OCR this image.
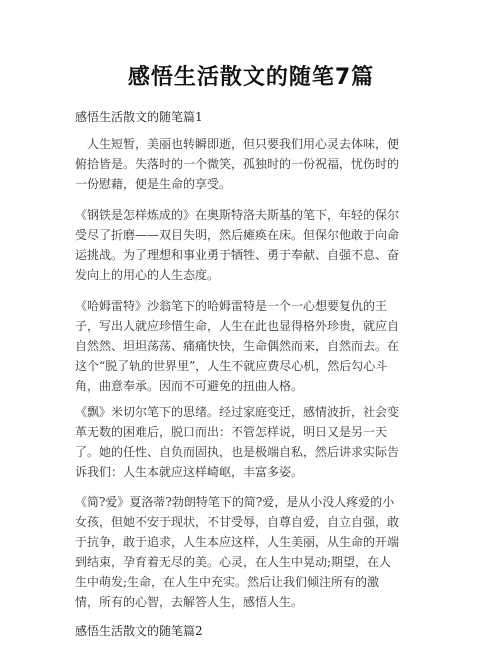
感悟生活散文的随笔7篇
感悟生活散文的随笔篇1
人生短暂，美丽也转瞬即逝，但只要我们用心灵去体味，便
俯拾皆是。失落时的一个微笑，孤独时的一份祝福，忧伤时的
一份慰藉，便是生命的享受。
《钢铁是怎样炼成的》在奥斯特洛夫斯基的笔下，年轻的保尔
受尽了折磨——双目失明，然后瘫痪在床。但保尔他敢于向命
运挑战。为了理想和事业勇于牺牲、勇于奉献、自强不息、奋
发向上的用心的人生态度。
《哈姆雷特》沙翁笔下的哈姆雷特是一个一心想要复仇的王
子，写出人就应珍惜生命，人生在此也显得格外珍贵，就应自
自然然、坦坦荡荡、痛痛快快，生命偶然而来，自然而去。在
这个“脱了轨的世界里”，人生不就应费尽心机，然后勾心斗
角，曲意奉承。因而不可避免的扭曲人格。
《飘》米切尔笔下的思绪。经过家庭变迁，感情波折，社会变
革无数的困难后，脱口而出：不管怎样说，明日又是另一天
了。她的任性、自负而固执，也是极端自私，然后讲求实际告
诉我们：人生本就应这样崎岖，丰富多姿。
《简?爱》夏洛蒂?勃朗特笔下的简?爱，是从小没人疼爱的小
女孩，但她不安于现状，不甘受辱，自尊自爱，自立自强，敢
于抗争，敢于追求，人生本应这样，人生美丽，从生命的开端
到结束，孕育着无尽的美。心灵，在人生中晃动;期望，在人
生中萌发;生命，在人生中充实。然后让我们倾注所有的激
情，所有的心智，去解答人生，感悟人生。
感悟生活散文的随笔篇2
